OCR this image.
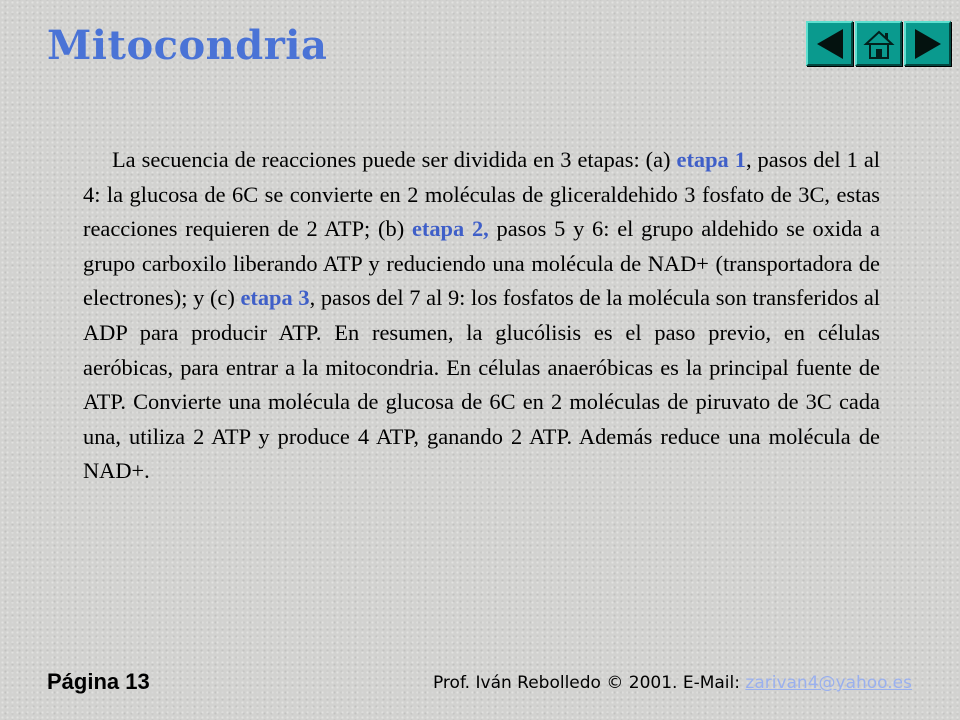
Mitocondria

La secuencia de reacciones puede ser dividida en 3 etapas: (a) etapa 1, pasos del 1 al 4: la glucosa de 6C se convierte en 2 moléculas de gliceraldehido 3 fosfato de 3C, estas reacciones requieren de 2 ATP; (b) etapa 2, pasos 5 y 6: el grupo aldehido se oxida a grupo carboxilo liberando ATP y reduciendo una molécula de NAD+ (transportadora de electrones); y (c) etapa 3, pasos del 7 al 9: los fosfatos de la molécula son transferidos al ADP para producir ATP. En resumen, la glucólisis es el paso previo, en células aeróbicas, para entrar a la mitocondria. En células anaeróbicas es la principal fuente de ATP. Convierte una molécula de glucosa de 6C en 2 moléculas de piruvato de 3C cada una, utiliza 2 ATP y produce 4 ATP, ganando 2 ATP. Además reduce una molécula de NAD+.

Página 13	Prof. Iván Rebolledo © 2001. E-Mail: zarivan4@yahoo.es
